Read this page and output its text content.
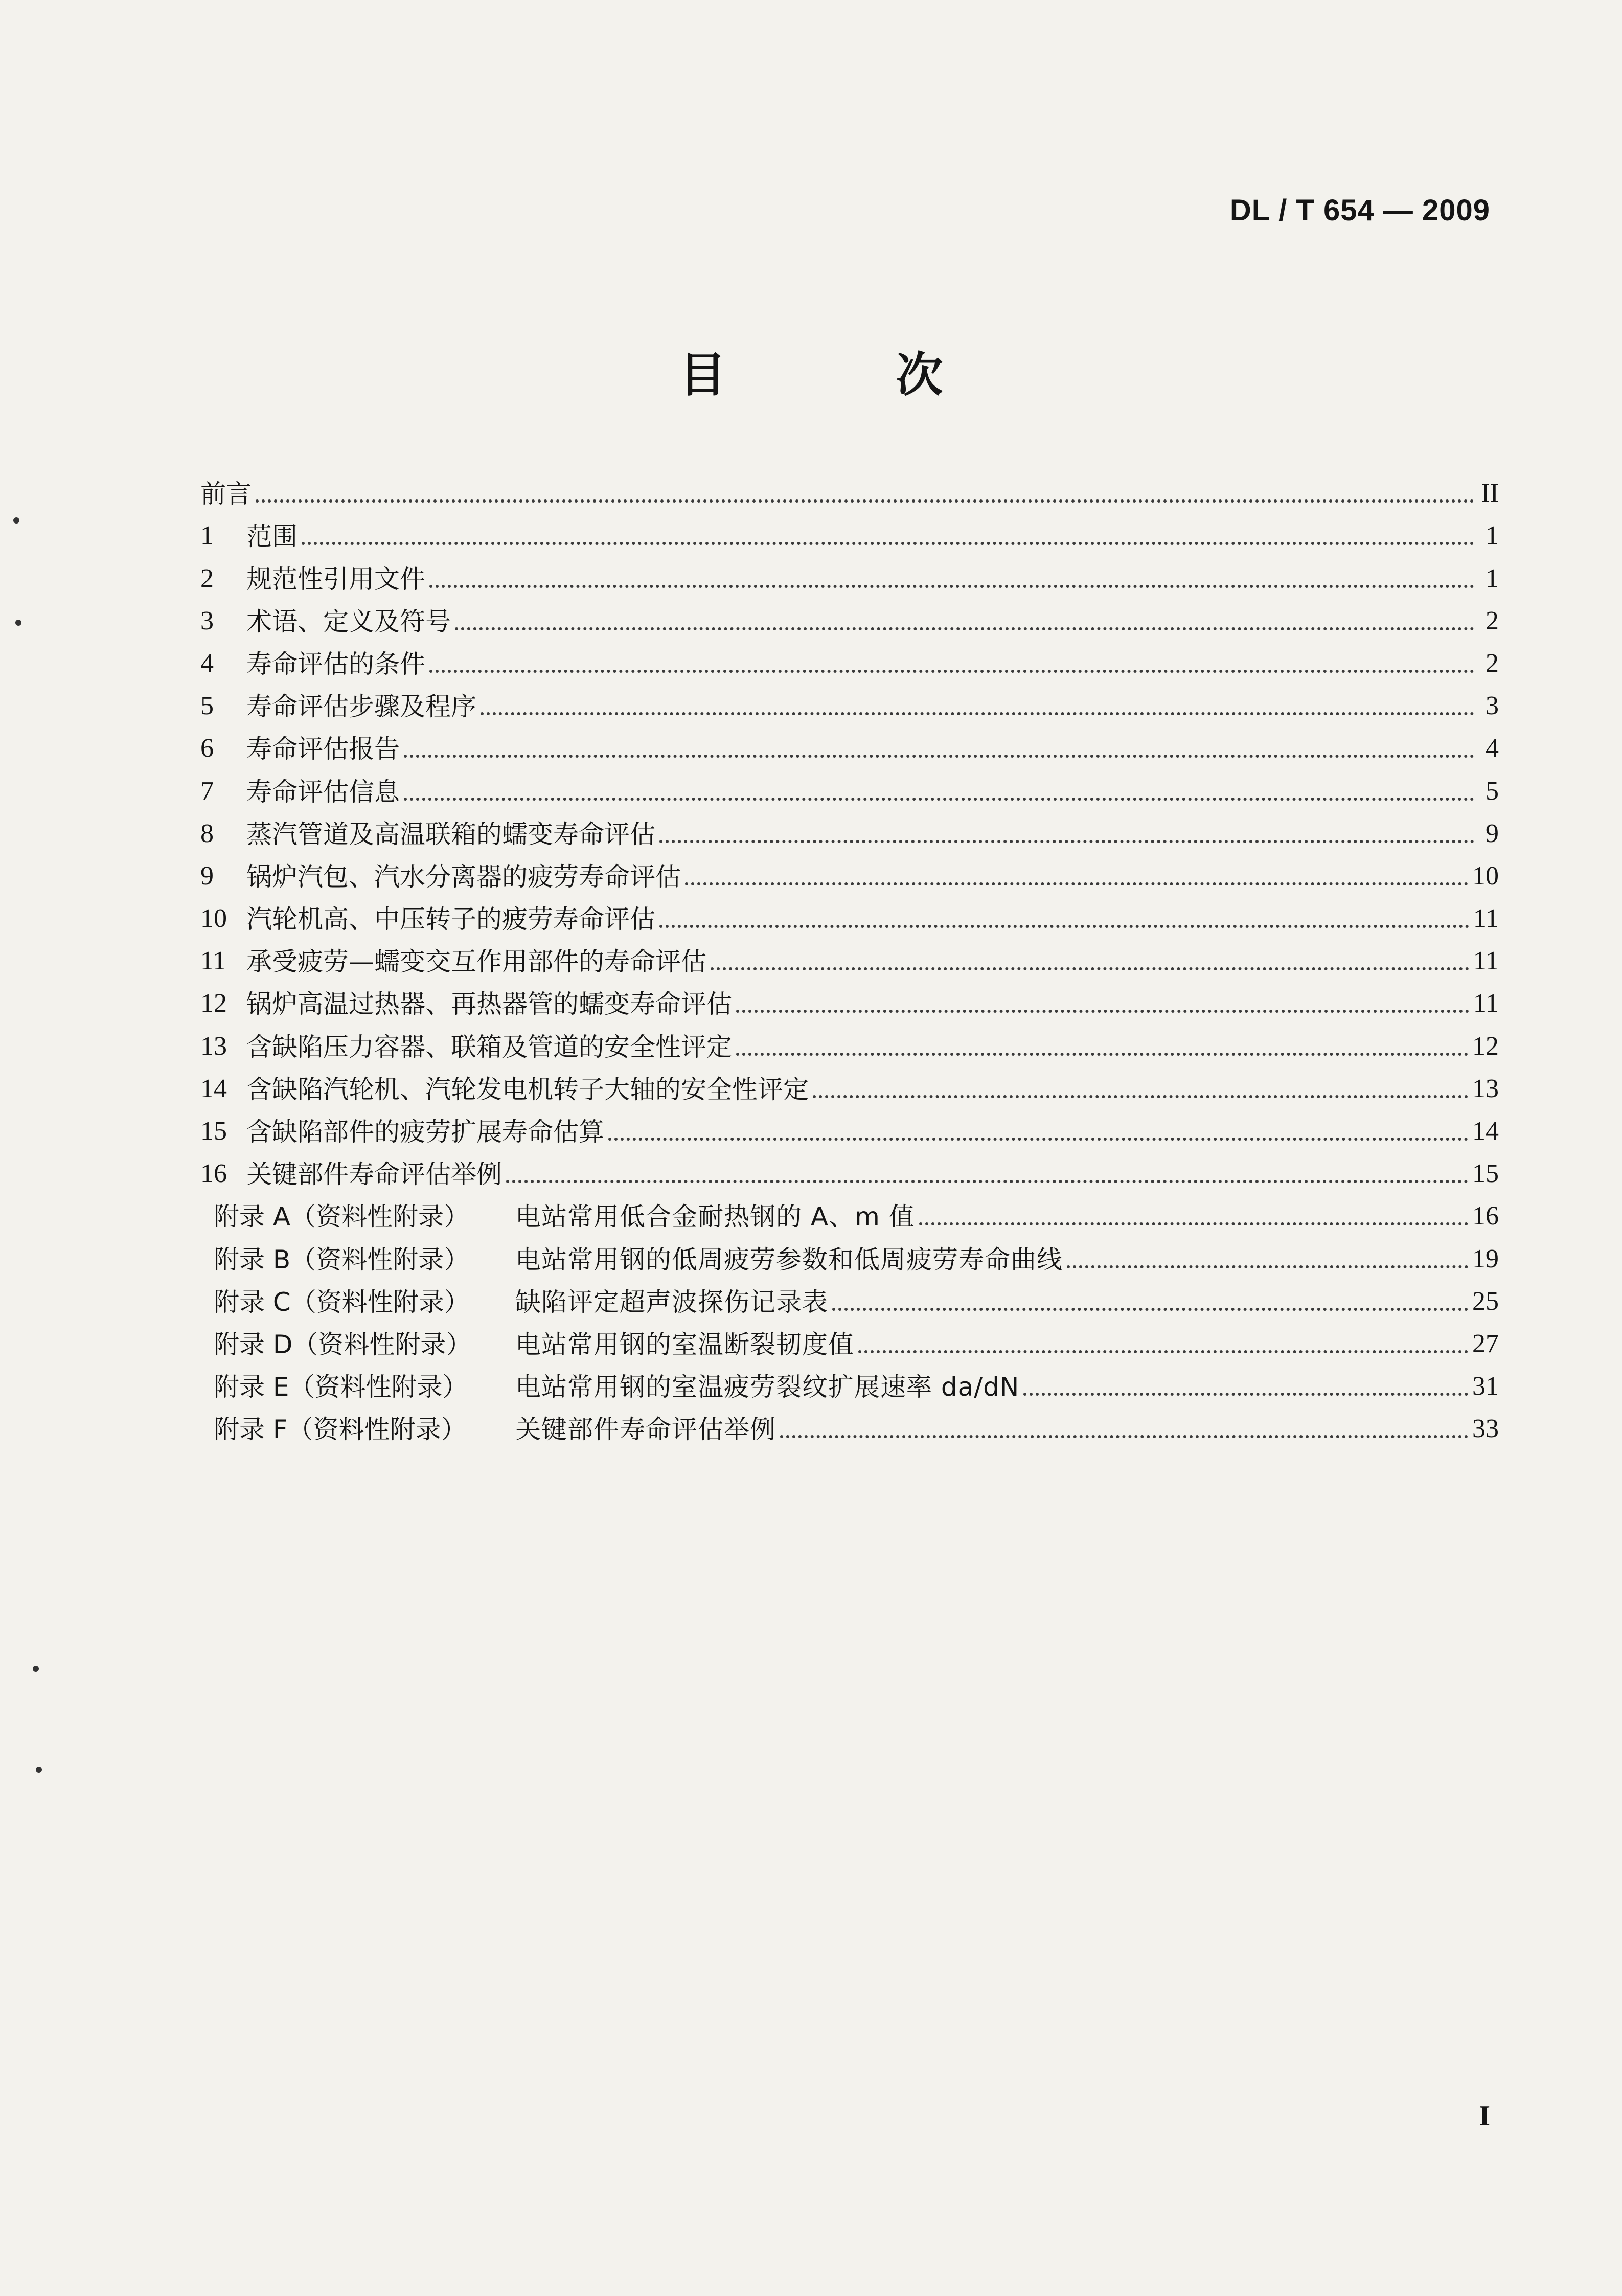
DL / T 654 — 2009
目 次
前言	II
1	范围	1
2	规范性引用文件	1
3	术语、定义及符号	2
4	寿命评估的条件	2
5	寿命评估步骤及程序	3
6	寿命评估报告	4
7	寿命评估信息	5
8	蒸汽管道及高温联箱的蠕变寿命评估	9
9	锅炉汽包、汽水分离器的疲劳寿命评估	10
10 汽轮机高、中压转子的疲劳寿命评估	11
11 承受疲劳—蠕变交互作用部件的寿命评估	11
12 锅炉高温过热器、再热器管的蠕变寿命评估	11
13 含缺陷压力容器、联箱及管道的安全性评定	12
14 含缺陷汽轮机、汽轮发电机转子大轴的安全性评定	13
15 含缺陷部件的疲劳扩展寿命估算	14
16 关键部件寿命评估举例	15
附录 A（资料性附录）	电站常用低合金耐热钢的 A、m 值	16
附录 B（资料性附录）	电站常用钢的低周疲劳参数和低周疲劳寿命曲线	19
附录 C（资料性附录）	缺陷评定超声波探伤记录表	25
附录 D（资料性附录）	电站常用钢的室温断裂韧度值	27
附录 E（资料性附录）	电站常用钢的室温疲劳裂纹扩展速率 da/dN	31
附录 F（资料性附录）	关键部件寿命评估举例	33
I
